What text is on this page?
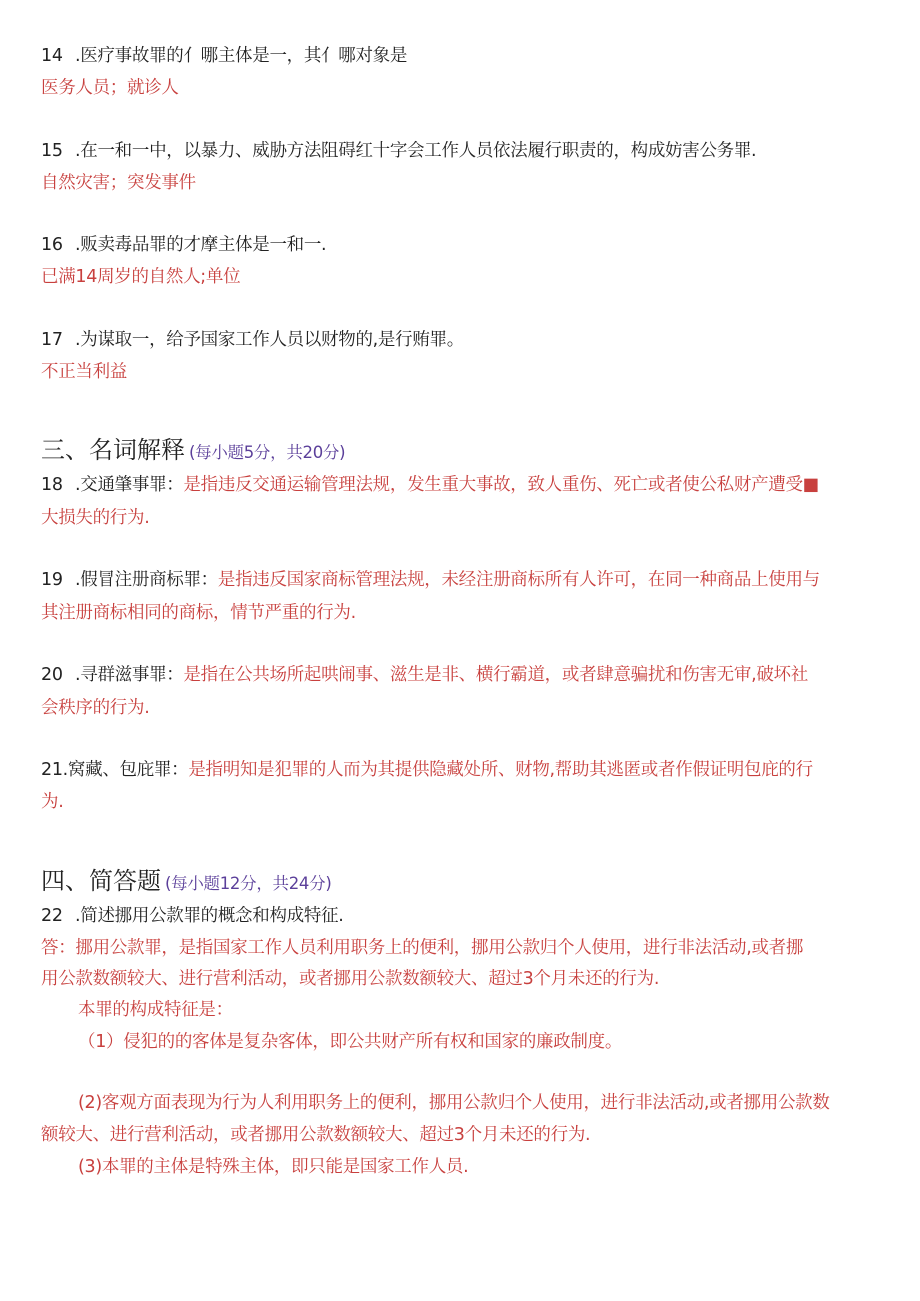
14 .医疗事故罪的亻哪主体是一，其亻哪对象是

医务人员；就诊人

15 .在一和一中，以暴力、威胁方法阻碍红十字会工作人员依法履行职责的，构成妨害公务罪.

自然灾害；突发事件

16 .贩卖毒品罪的才摩主体是一和一.

已满14周岁的自然人;单位

17 .为谋取一，给予国家工作人员以财物的,是行贿罪。

不正当利益

三、名词解释 (每小题5分，共20分)

18 .交通肇事罪：是指违反交通运输管理法规，发生重大事故，致人重伤、死亡或者使公私财产遭受■

大损失的行为.

19 .假冒注册商标罪：是指违反国家商标管理法规，未经注册商标所有人许可，在同一种商品上使用与

其注册商标相同的商标，情节严重的行为.

20 .寻群滋事罪：是指在公共场所起哄闹事、滋生是非、横行霸道，或者肆意骗扰和伤害无审,破坏社

会秩序的行为.

21.窝藏、包庇罪：是指明知是犯罪的人而为其提供隐藏处所、财物,帮助其逃匿或者作假证明包庇的行

为.

四、简答题 (每小题12分，共24分)

22 .简述挪用公款罪的概念和构成特征.

答：挪用公款罪，是指国家工作人员利用职务上的便利，挪用公款归个人使用，进行非法活动,或者挪

用公款数额较大、进行营利活动，或者挪用公款数额较大、超过3个月未还的行为.

本罪的构成特征是：

（1）侵犯的的客体是复杂客体，即公共财产所有权和国家的廉政制度。

(2)客观方面表现为行为人利用职务上的便利，挪用公款归个人使用，进行非法活动,或者挪用公款数

额较大、进行营利活动，或者挪用公款数额较大、超过3个月未还的行为.

(3)本罪的主体是特殊主体，即只能是国家工作人员.
